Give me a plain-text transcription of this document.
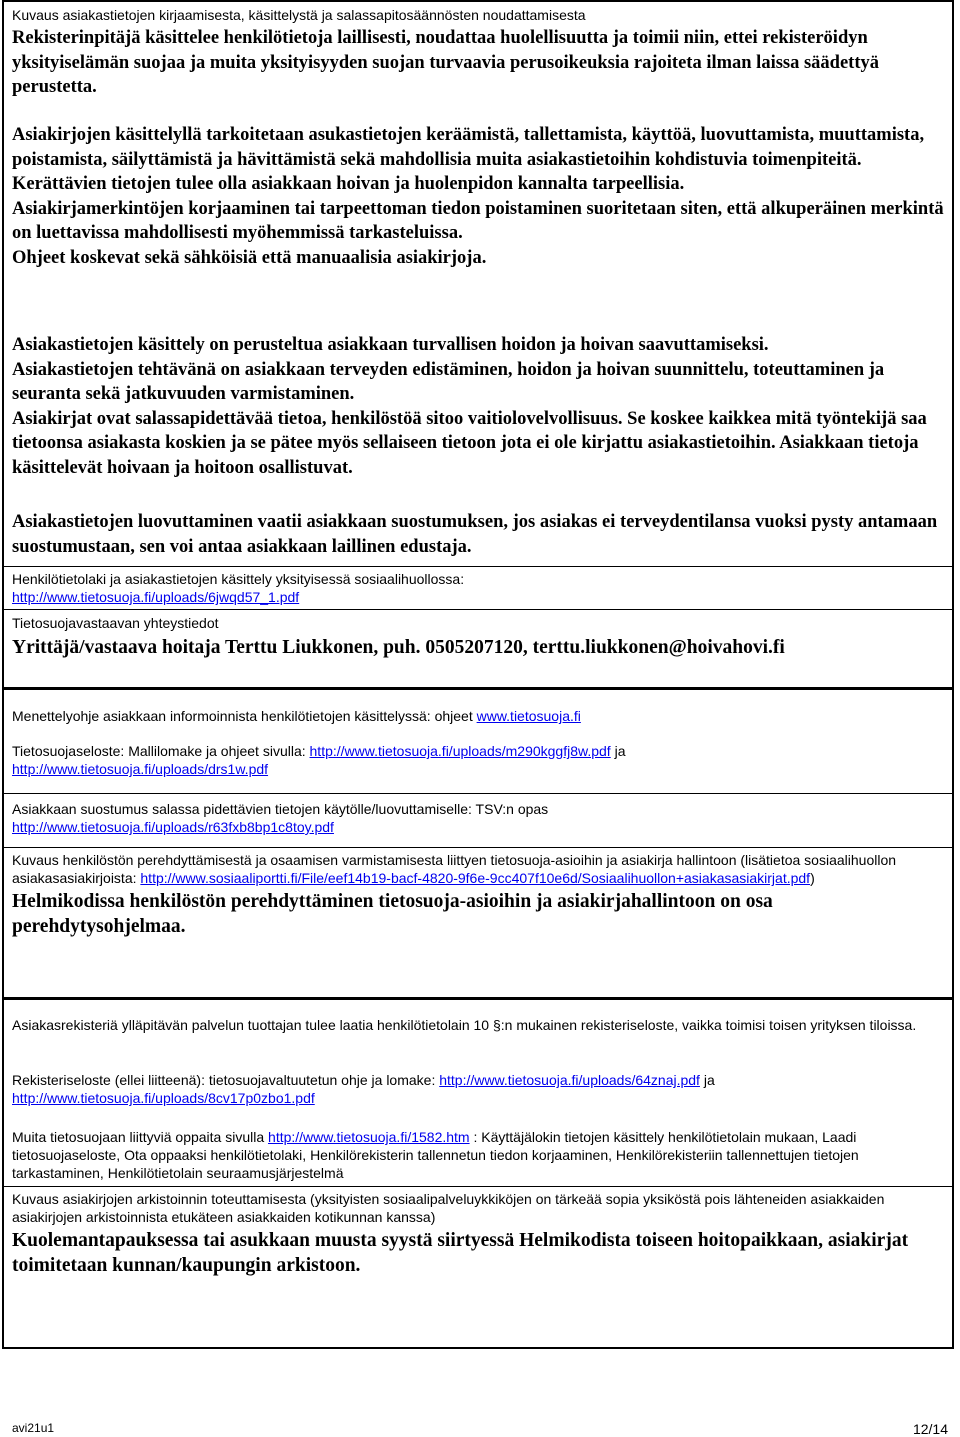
Kuvaus asiakastietojen kirjaamisesta, käsittelystä ja salassapitosäännösten noudattamisesta

Rekisterinpitäjä käsittelee henkilötietoja laillisesti, noudattaa huolellisuutta ja toimii niin, ettei rekisteröidyn yksityiselämän suojaa ja muita yksityisyyden suojan turvaavia perusoikeuksia rajoiteta ilman laissa säädettyä perustetta.

Asiakirjojen käsittelyllä tarkoitetaan asukastietojen keräämistä, tallettamista, käyttöä, luovuttamista, muuttamista, poistamista, säilyttämistä ja hävittämistä sekä mahdollisia muita asiakastietoihin kohdistuvia toimenpiteitä. Kerättävien tietojen tulee olla asiakkaan hoivan ja huolenpidon kannalta tarpeellisia.

Asiakirjamerkintöjen korjaaminen tai tarpeettoman tiedon poistaminen suoritetaan siten, että alkuperäinen merkintä on luettavissa mahdollisesti myöhemmissä tarkasteluissa.

Ohjeet koskevat sekä sähköisiä että manuaalisia asiakirjoja.

Asiakastietojen käsittely on perusteltua asiakkaan turvallisen hoidon ja hoivan saavuttamiseksi.

Asiakastietojen tehtävänä on asiakkaan terveyden edistäminen, hoidon ja hoivan suunnittelu, toteuttaminen ja seuranta sekä jatkuvuuden varmistaminen.

Asiakirjat ovat salassapidettävää tietoa, henkilöstöä sitoo vaitiolovelvollisuus. Se koskee kaikkea mitä työntekijä saa tietoonsa asiakasta koskien ja se pätee myös sellaiseen tietoon jota ei ole kirjattu asiakastietoihin. Asiakkaan tietoja käsittelevät hoivaan ja hoitoon osallistuvat.

Asiakastietojen luovuttaminen vaatii asiakkaan suostumuksen, jos asiakas ei terveydentilansa vuoksi pysty antamaan suostumustaan, sen voi antaa asiakkaan laillinen edustaja.

Henkilötietolaki ja asiakastietojen käsittely yksityisessä sosiaalihuollossa:

http://www.tietosuoja.fi/uploads/6jwqd57_1.pdf

Tietosuojavastaavan yhteystiedot

Yrittäjä/vastaava hoitaja Terttu Liukkonen, puh. 0505207120, terttu.liukkonen@hoivahovi.fi

Menettelyohje asiakkaan informoinnista henkilötietojen käsittelyssä: ohjeet www.tietosuoja.fi

Tietosuojaseloste: Mallilomake ja ohjeet sivulla: http://www.tietosuoja.fi/uploads/m290kggfj8w.pdf ja
http://www.tietosuoja.fi/uploads/drs1w.pdf

Asiakkaan suostumus salassa pidettävien tietojen käytölle/luovuttamiselle: TSV:n opas

http://www.tietosuoja.fi/uploads/r63fxb8bp1c8toy.pdf

Kuvaus henkilöstön perehdyttämisestä ja osaamisen varmistamisesta liittyen tietosuoja-asioihin ja asiakirja hallintoon (lisätietoa sosiaalihuollon asiakasasiakirjoista: http://www.sosiaaliportti.fi/File/eef14b19-bacf-4820-9f6e-9cc407f10e6d/Sosiaalihuollon+asiakasasiakirjat.pdf)

Helmikodissa henkilöstön perehdyttäminen tietosuoja-asioihin ja asiakirjahallintoon on osa perehdytysohjelmaa.

Asiakasrekisteriä ylläpitävän palvelun tuottajan tulee laatia henkilötietolain 10 §:n mukainen rekisteriseloste, vaikka toimisi toisen yrityksen tiloissa.

Rekisteriseloste (ellei liitteenä): tietosuojavaltuutetun ohje ja lomake: http://www.tietosuoja.fi/uploads/64znaj.pdf ja
http://www.tietosuoja.fi/uploads/8cv17p0zbo1.pdf

Muita tietosuojaan liittyviä oppaita sivulla http://www.tietosuoja.fi/1582.htm : Käyttäjälokin tietojen käsittely henkilötietolain mukaan, Laadi tietosuojaseloste, Ota oppaaksi henkilötietolaki, Henkilörekisterin tallennetun tiedon korjaaminen, Henkilörekisteriin tallennettujen tietojen tarkastaminen, Henkilötietolain seuraamusjärjestelmä

Kuvaus asiakirjojen arkistoinnin toteuttamisesta (yksityisten sosiaalipalveluykkiköjen on tärkeää sopia yksiköstä pois lähteneiden asiakkaiden asiakirjojen arkistoinnista etukäteen asiakkaiden kotikunnan kanssa)

Kuolemantapauksessa tai asukkaan muusta syystä siirtyessä Helmikodista toiseen hoitopaikkaan, asiakirjat toimitetaan kunnan/kaupungin arkistoon.

avi21u1	12/14
